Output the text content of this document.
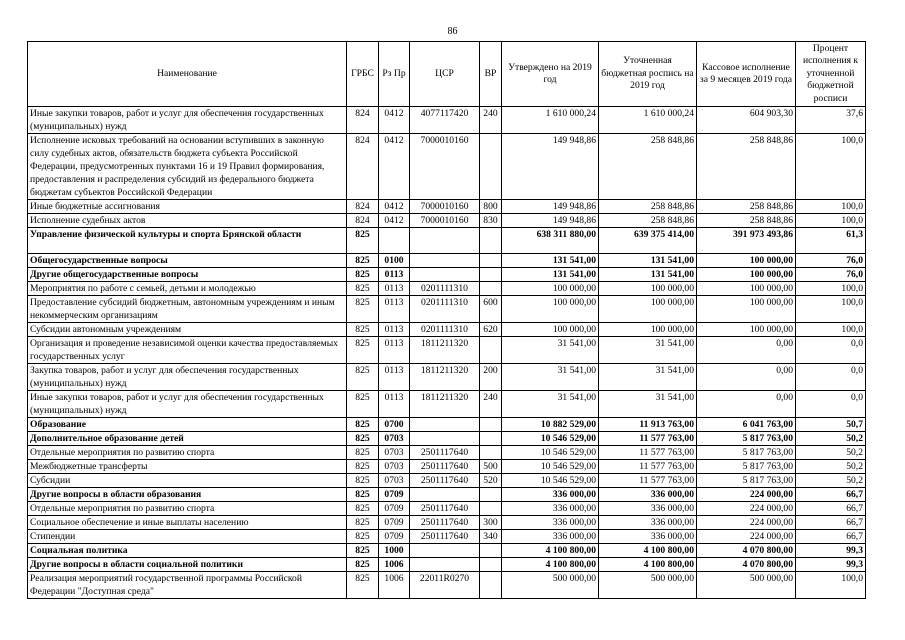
86
Наименование	ГРБС	Рз Пр	ЦСР	ВР	Утверждено на 2019 год	Уточненная бюджетная роспись на 2019 год	Кассовое исполнение за 9 месяцев 2019 года	Процент исполнения к уточненной бюджетной росписи
Иные закупки товаров, работ и услуг для обеспечения государственных (муниципальных) нужд	824	0412	4077117420	240	1 610 000,24	1 610 000,24	604 903,30	37,6
Исполнение исковых требований на основании вступивших в законную силу судебных актов, обязательств бюджета субъекта Российской Федерации, предусмотренных пунктами 16 и 19 Правил формирования, предоставления и распределения субсидий из федерального бюджета бюджетам субъектов Российской Федерации	824	0412	7000010160		149 948,86	258 848,86	258 848,86	100,0
Иные бюджетные ассигнования	824	0412	7000010160	800	149 948,86	258 848,86	258 848,86	100,0
Исполнение судебных актов	824	0412	7000010160	830	149 948,86	258 848,86	258 848,86	100,0
Управление физической культуры и спорта Брянской области	825				638 311 880,00	639 375 414,00	391 973 493,86	61,3
Общегосударственные вопросы	825	0100			131 541,00	131 541,00	100 000,00	76,0
Другие общегосударственные вопросы	825	0113			131 541,00	131 541,00	100 000,00	76,0
Мероприятия по работе с семьей, детьми и молодежью	825	0113	0201111310		100 000,00	100 000,00	100 000,00	100,0
Предоставление субсидий бюджетным, автономным учреждениям и иным некоммерческим организациям	825	0113	0201111310	600	100 000,00	100 000,00	100 000,00	100,0
Субсидии автономным учреждениям	825	0113	0201111310	620	100 000,00	100 000,00	100 000,00	100,0
Организация и проведение независимой оценки качества предоставляемых государственных услуг	825	0113	1811211320		31 541,00	31 541,00	0,00	0,0
Закупка товаров, работ и услуг для обеспечения государственных (муниципальных) нужд	825	0113	1811211320	200	31 541,00	31 541,00	0,00	0,0
Иные закупки товаров, работ и услуг для обеспечения государственных (муниципальных) нужд	825	0113	1811211320	240	31 541,00	31 541,00	0,00	0,0
Образование	825	0700			10 882 529,00	11 913 763,00	6 041 763,00	50,7
Дополнительное образование детей	825	0703			10 546 529,00	11 577 763,00	5 817 763,00	50,2
Отдельные мероприятия по развитию спорта	825	0703	2501117640		10 546 529,00	11 577 763,00	5 817 763,00	50,2
Межбюджетные трансферты	825	0703	2501117640	500	10 546 529,00	11 577 763,00	5 817 763,00	50,2
Субсидии	825	0703	2501117640	520	10 546 529,00	11 577 763,00	5 817 763,00	50,2
Другие вопросы в области образования	825	0709			336 000,00	336 000,00	224 000,00	66,7
Отдельные мероприятия по развитию спорта	825	0709	2501117640		336 000,00	336 000,00	224 000,00	66,7
Социальное обеспечение и иные выплаты населению	825	0709	2501117640	300	336 000,00	336 000,00	224 000,00	66,7
Стипендии	825	0709	2501117640	340	336 000,00	336 000,00	224 000,00	66,7
Социальная политика	825	1000			4 100 800,00	4 100 800,00	4 070 800,00	99,3
Другие вопросы в области социальной политики	825	1006			4 100 800,00	4 100 800,00	4 070 800,00	99,3
Реализация мероприятий государственной программы Российской Федерации "Доступная среда"	825	1006	22011R0270		500 000,00	500 000,00	500 000,00	100,0
